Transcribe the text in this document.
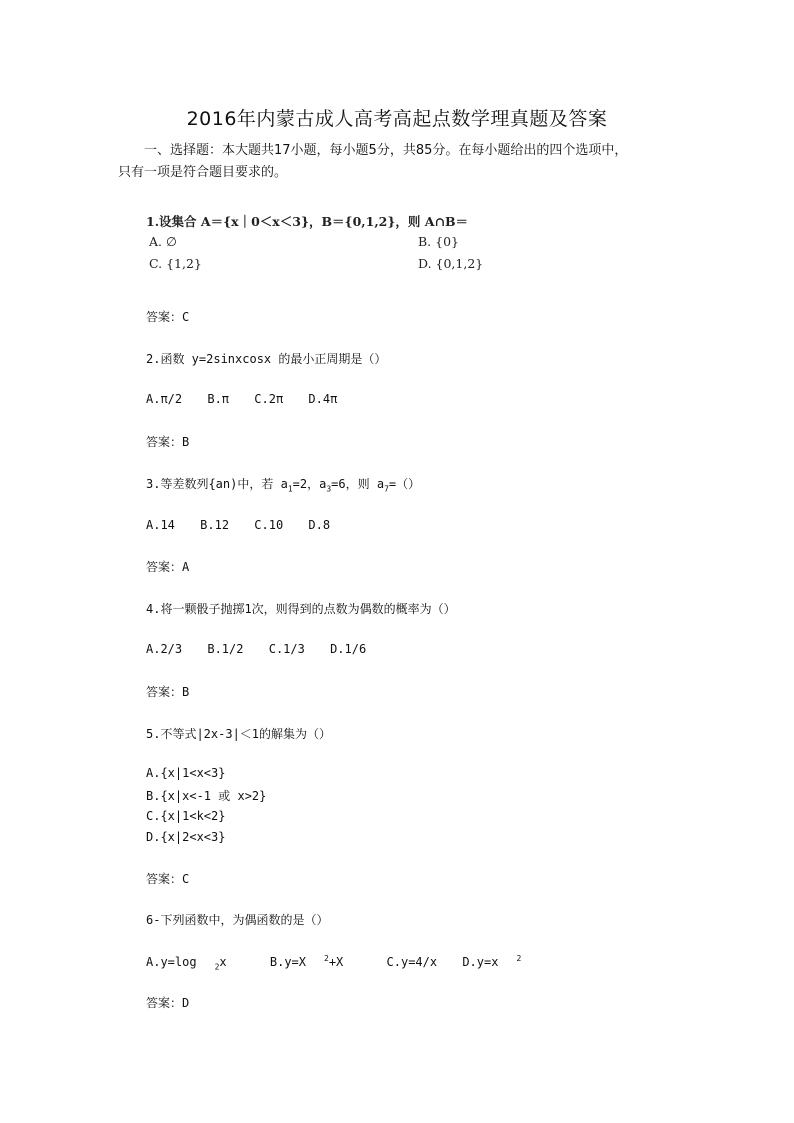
2016年内蒙古成人高考高起点数学理真题及答案
一、选择题：本大题共17小题，每小题5分，共85分。在每小题给出的四个选项中，
只有一项是符合题目要求的。
1.设集合 A＝{x｜0＜x＜3}，B＝{0,1,2}，则 A∩B＝
A. ∅	B. {0}
C. {1,2}	D. {0,1,2}
答案：C
2.函数 y=2sinxcosx 的最小正周期是（）
A.π/2 B.π C.2π D.4π
答案：B
3.等差数列{an)中，若 $a_1=2$，$a_3=6$，则 $a_7=()$
A.14 B.12 C.10 D.8
答案：A
4.将一颗骰子抛掷1次，则得到的点数为偶数的概率为（）
A.2/3 B.1/2 C.1/3 D.1/6
答案：B
5.不等式|2x-3|＜1的解集为（）
A.{x|1<x<3}
B.{x|x<-1 或 x>2}
C.{x|1<k<2}
D.{x|2<x<3}
答案：C
6-下列函数中，为偶函数的是（）
A.y=log $_2$x	B.y=X $^2$+X	C.y=4/x D.y=x $^2$
答案：D
